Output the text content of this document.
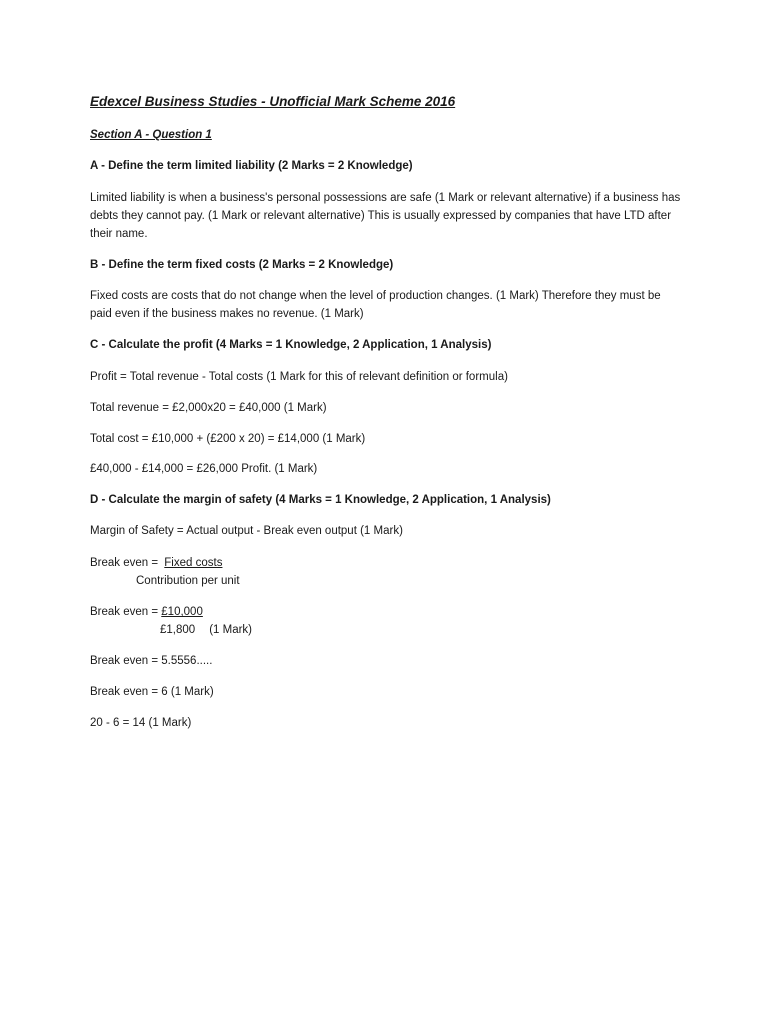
Edexcel Business Studies - Unofficial Mark Scheme 2016
Section A - Question 1
A - Define the term limited liability (2 Marks = 2 Knowledge)
Limited liability is when a business's personal possessions are safe (1 Mark or relevant alternative) if a business has
debts they cannot pay. (1 Mark or relevant alternative) This is usually expressed by companies that have LTD after
their name.
B - Define the term fixed costs (2 Marks = 2 Knowledge)
Fixed costs are costs that do not change when the level of production changes. (1 Mark) Therefore they must be
paid even if the business makes no revenue. (1 Mark)
C - Calculate the profit (4 Marks = 1 Knowledge, 2 Application, 1 Analysis)
Profit = Total revenue - Total costs (1 Mark for this of relevant definition or formula)
Total revenue = £2,000x20 = £40,000 (1 Mark)
Total cost = £10,000 + (£200 x 20) = £14,000 (1 Mark)
£40,000 - £14,000 = £26,000 Profit. (1 Mark)
D - Calculate the margin of safety (4 Marks = 1 Knowledge, 2 Application, 1 Analysis)
Margin of Safety = Actual output - Break even output (1 Mark)
Break even = Fixed costs
Contribution per unit
Break even = £10,000
£1,800 (1 Mark)
Break even = 5.5556.....
Break even = 6 (1 Mark)
20 - 6 = 14 (1 Mark)
